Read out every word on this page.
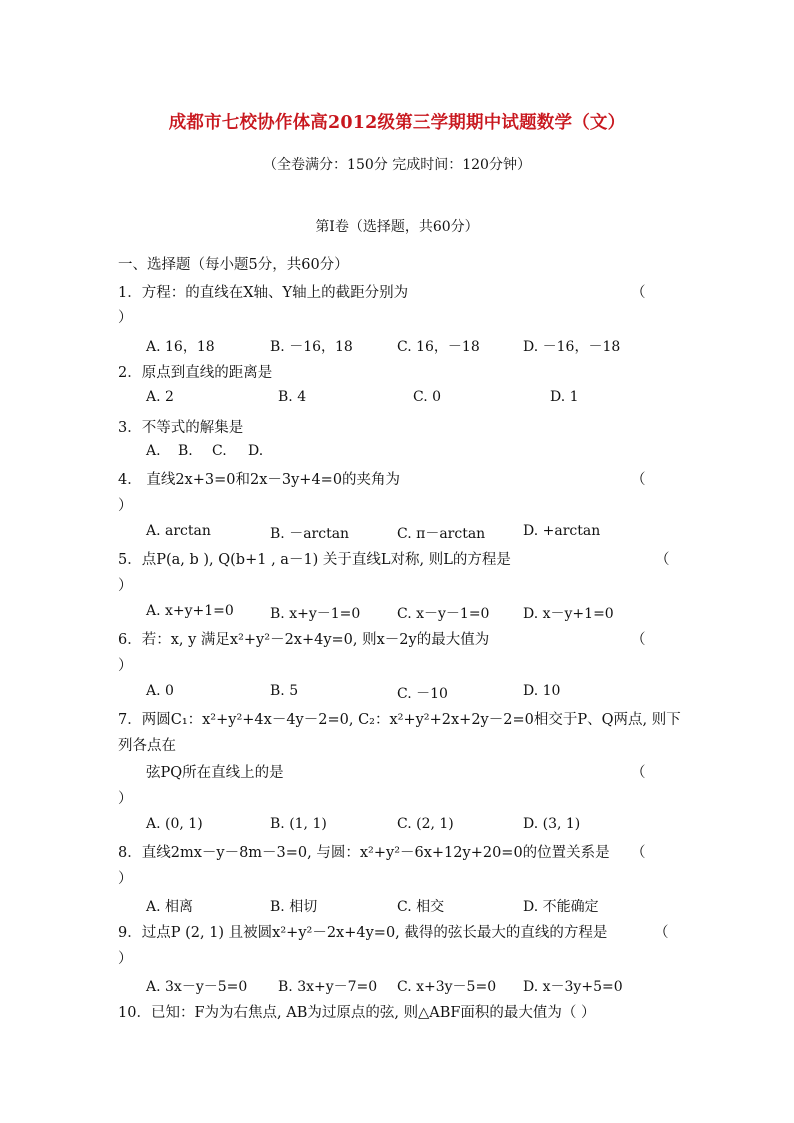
成都市七校协作体高2012级第三学期期中试题数学（文）
（全卷满分：150分 完成时间：120分钟）
第Ⅰ卷（选择题，共60分）
一、选择题（每小题5分，共60分）
1．方程：的直线在X轴、Y轴上的截距分别为	（
）
A. 16，18	B. －16，18	C. 16，－18	D. －16，－18
2．原点到直线的距离是
A. 2	B. 4	C. 0	D. 1
3．不等式的解集是
A. B. C. D.
4． 直线2x+3=0和2x－3y+4=0的夹角为	（
）
A. arctan	B. －arctan	C. π－arctan	D. +arctan
5．点P(a, b ), Q(b+1 , a－1) 关于直线L对称, 则L的方程是	（
）
A. x+y+1=0	B. x+y－1=0	C. x－y－1=0 D. x－y+1=0
6．若：x, y 满足x²+y²－2x+4y=0, 则x－2y的最大值为	（
）
A. 0	B. 5	C. －10	D. 10
7．两圆C₁：x²+y²+4x－4y－2=0, C₂：x²+y²+2x+2y－2=0相交于P、Q两点, 则下
列各点在
弦PQ所在直线上的是	（
）
A. (0, 1)	B. (1, 1)	C. (2, 1)	D. (3, 1)
8．直线2mx－y－8m－3=0, 与圆：x²+y²－6x+12y+20=0的位置关系是 （
）
A. 相离	B. 相切	C. 相交	D. 不能确定
9．过点P (2, 1) 且被圆x²+y²－2x+4y=0, 截得的弦长最大的直线的方程是	（
）
A. 3x－y－5=0 B. 3x+y－7=0 C. x+3y－5=0 D. x－3y+5=0
10．已知：F为为右焦点, AB为过原点的弦, 则△ABF面积的最大值为（ ）
